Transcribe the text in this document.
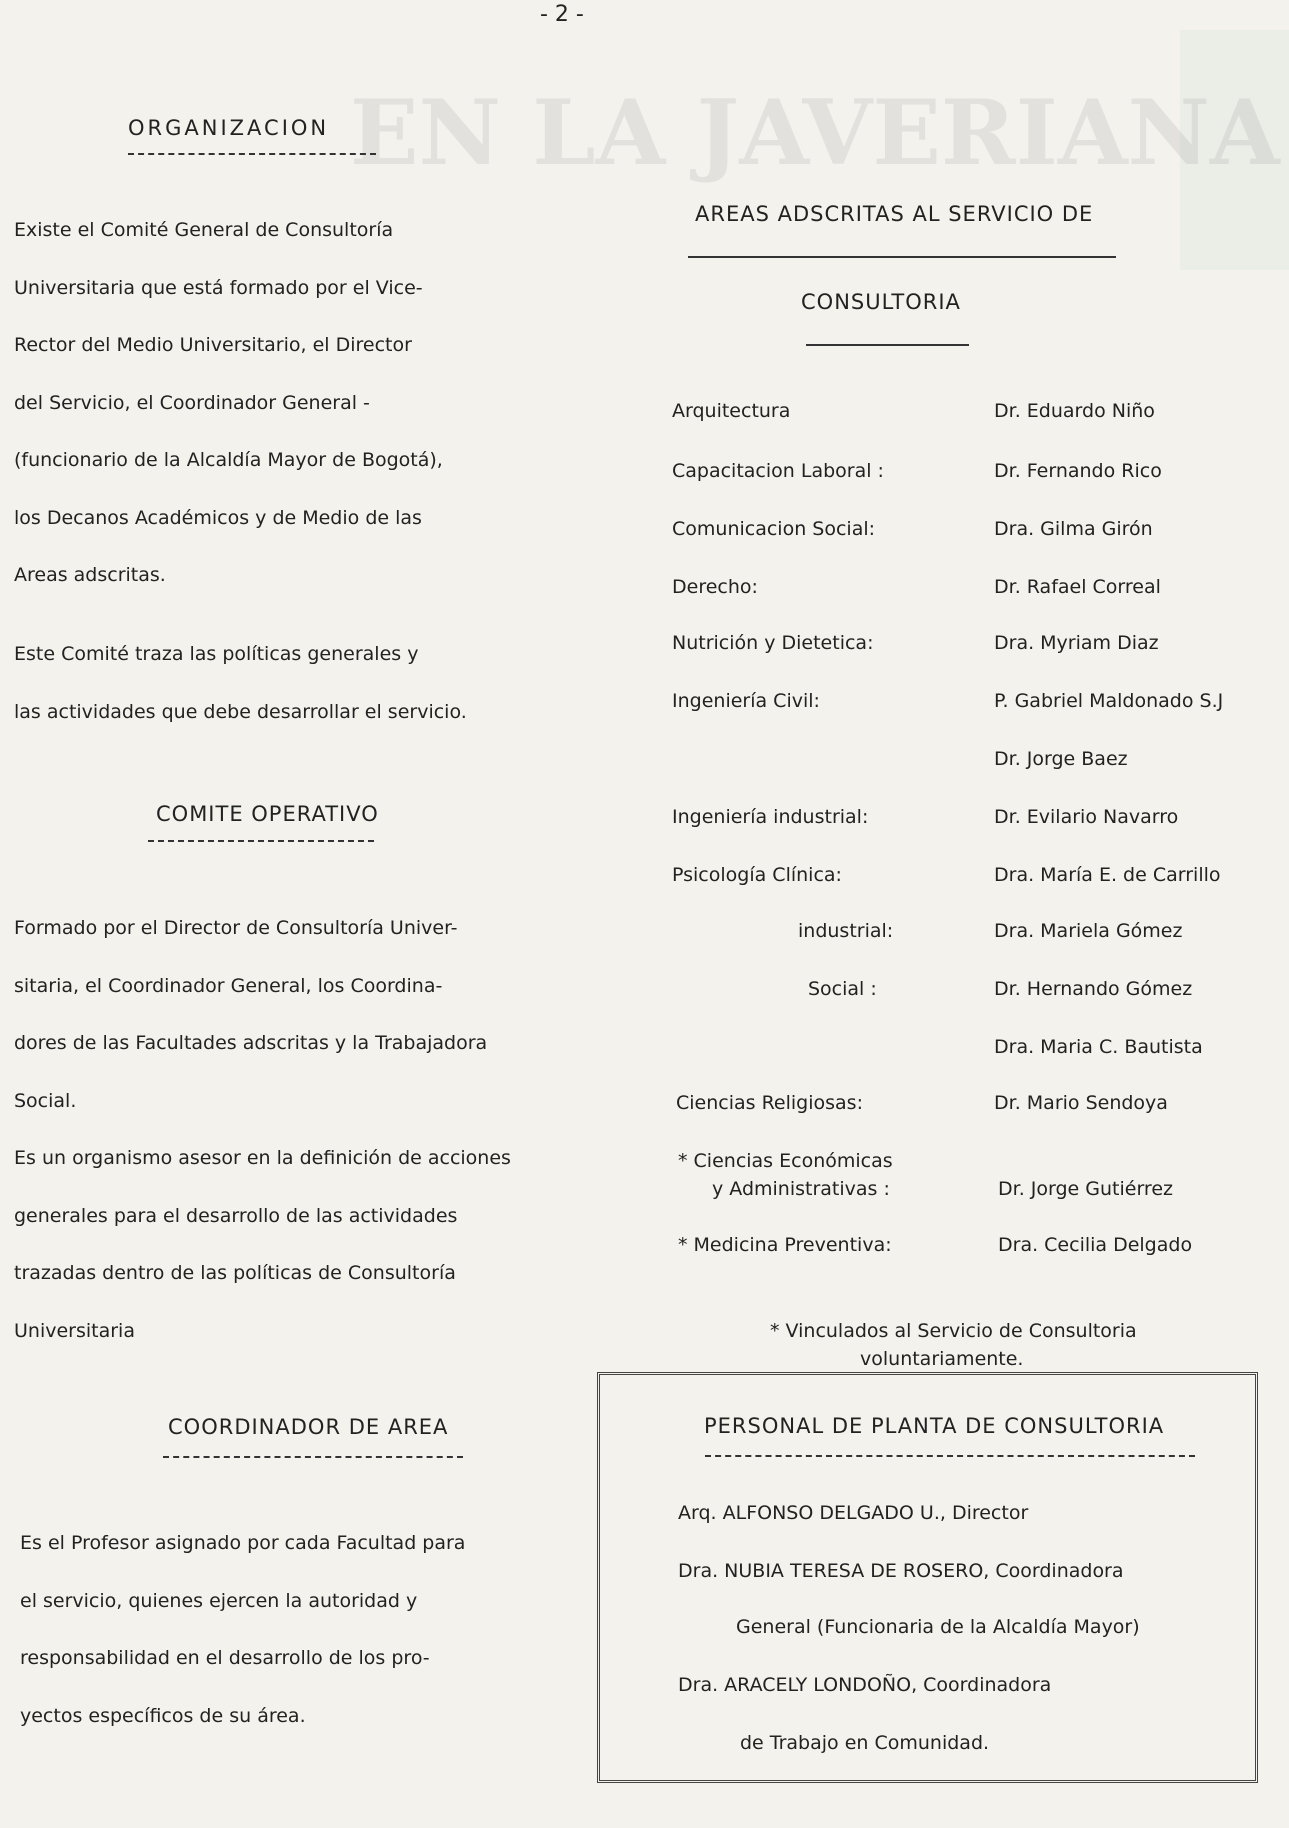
EN LA JAVERIANA
- 2 -
ORGANIZACION

Existe el Comité General de Consultoría

Universitaria que está formado por el Vice-

Rector del Medio Universitario, el Director

del Servicio, el Coordinador General -

(funcionario de la Alcaldía Mayor de Bogotá),

los Decanos Académicos y de Medio de las

Areas adscritas.

Este Comité traza las políticas generales y

las actividades que debe desarrollar el servicio.

COMITE OPERATIVO

Formado por el Director de Consultoría Univer-

sitaria, el Coordinador General, los Coordina-

dores de las Facultades adscritas y la Trabajadora

Social.

Es un organismo asesor en la definición de acciones

generales para el desarrollo de las actividades

trazadas dentro de las políticas de Consultoría

Universitaria

COORDINADOR DE AREA

Es el Profesor asignado por cada Facultad para

el servicio, quienes ejercen la autoridad y

responsabilidad en el desarrollo de los pro-

yectos específicos de su área.

AREAS ADSCRITAS AL SERVICIO DE
CONSULTORIA
Arquitectura	Dr. Eduardo Niño
Capacitacion Laboral :	Dr. Fernando Rico
Comunicacion Social:	Dra. Gilma Girón
Derecho:	Dr. Rafael Correal
Nutrición y Dietetica:	Dra. Myriam Diaz
Ingeniería Civil:	P. Gabriel Maldonado S.J
Dr. Jorge Baez
Ingeniería industrial:	Dr. Evilario Navarro
Psicología Clínica:	Dra. María E. de Carrillo
industrial:	Dra. Mariela Gómez
Social :	Dr. Hernando Gómez
Dra. Maria C. Bautista
Ciencias Religiosas:	Dr. Mario Sendoya
* Ciencias Económicas
y Administrativas :	Dr. Jorge Gutiérrez
* Medicina Preventiva:	Dra. Cecilia Delgado
* Vinculados al Servicio de Consultoria
voluntariamente.
PERSONAL DE PLANTA DE CONSULTORIA
Arq. ALFONSO DELGADO U., Director
Dra. NUBIA TERESA DE ROSERO, Coordinadora
General (Funcionaria de la Alcaldía Mayor)
Dra. ARACELY LONDOÑO, Coordinadora
de Trabajo en Comunidad.
